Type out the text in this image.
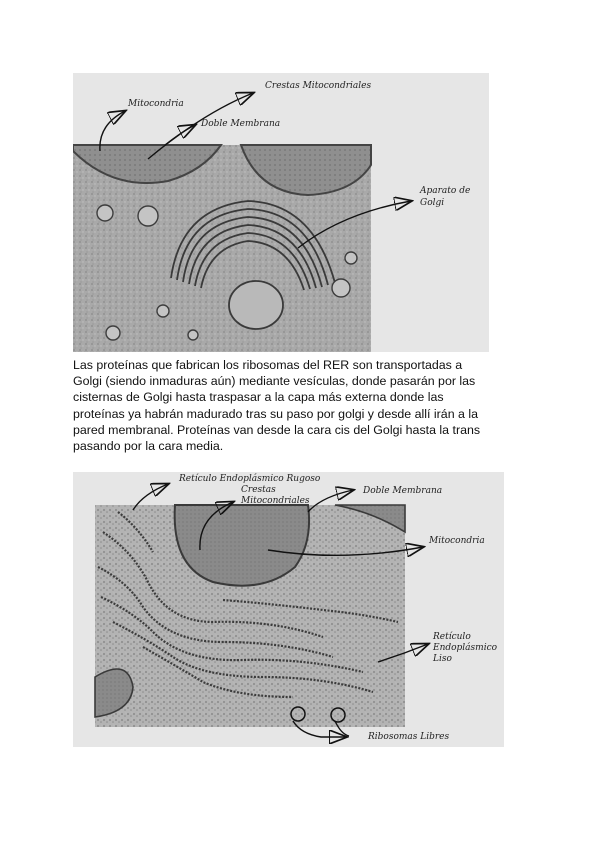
Mitocondria
Crestas Mitocondriales
Doble Membrana
Aparato de
Golgi
Las proteínas que fabrican los ribosomas del RER son transportadas a Golgi (siendo inmaduras aún) mediante vesículas, donde pasarán por las cisternas de Golgi hasta traspasar a la capa más externa donde las proteínas ya habrán madurado tras su paso por golgi y desde allí irán a la pared membranal. Proteínas van desde la cara cis del Golgi hasta la trans pasando por la cara media.
Retículo Endoplásmico Rugoso
Crestas
Mitocondriales
Doble Membrana
Mitocondria
Retículo
Endoplásmico
Liso
Ribosomas Libres
